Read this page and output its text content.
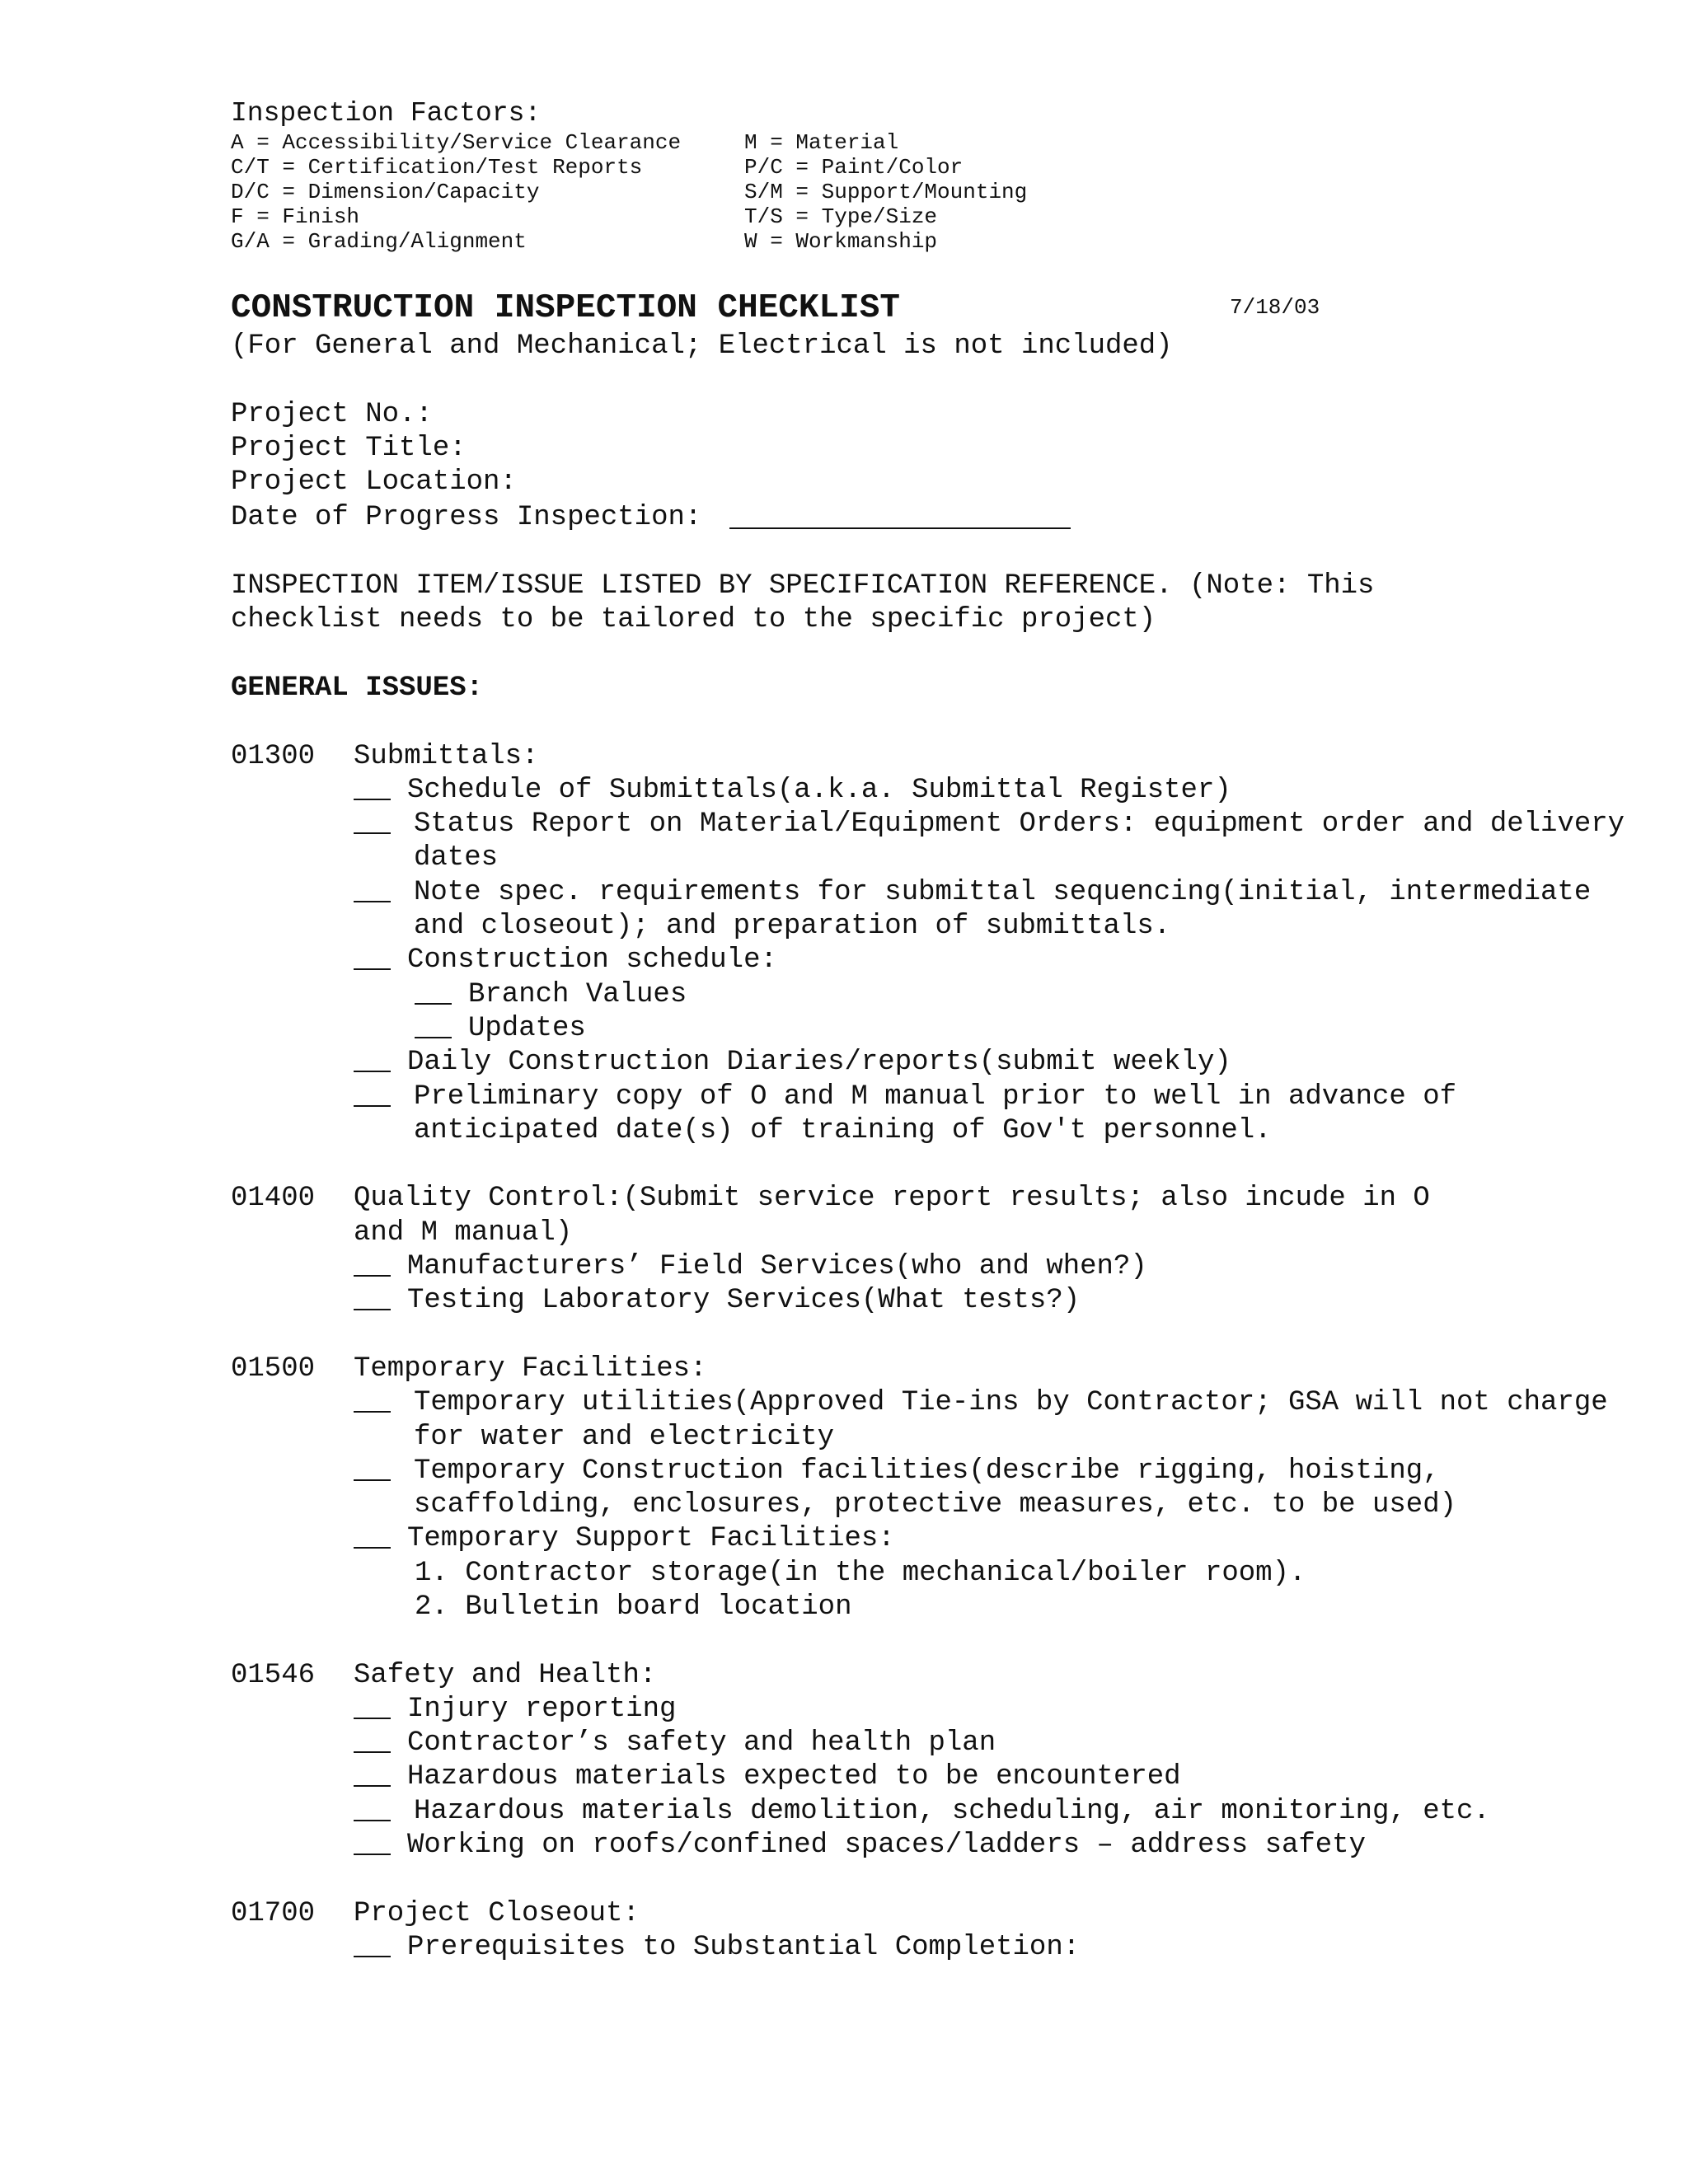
Inspection Factors:
A = Accessibility/Service Clearance	M = Material
C/T = Certification/Test Reports	P/C = Paint/Color
D/C = Dimension/Capacity	S/M = Support/Mounting
F = Finish	T/S = Type/Size
G/A = Grading/Alignment	W = Workmanship
CONSTRUCTION INSPECTION CHECKLIST	7/18/03
(For General and Mechanical; Electrical is not included)
Project No.:
Project Title:
Project Location:
Date of Progress Inspection:
INSPECTION ITEM/ISSUE LISTED BY SPECIFICATION REFERENCE. (Note: This
checklist needs to be tailored to the specific project)
GENERAL ISSUES:
01300	Submittals:
Schedule of Submittals(a.k.a. Submittal Register)
Status Report on Material/Equipment Orders: equipment order and delivery dates
Note spec. requirements for submittal sequencing(initial, intermediate and closeout); and preparation of submittals.
Construction schedule:
Branch Values
Updates
Daily Construction Diaries/reports(submit weekly)
Preliminary copy of O and M manual prior to well in advance of anticipated date(s) of training of Gov't personnel.
01400	Quality Control:(Submit service report results; also incude in O
and M manual)
Manufacturers’ Field Services(who and when?)
Testing Laboratory Services(What tests?)
01500	Temporary Facilities:
Temporary utilities(Approved Tie-ins by Contractor; GSA will not charge for water and electricity
Temporary Construction facilities(describe rigging, hoisting, scaffolding, enclosures, protective measures, etc. to be used)
Temporary Support Facilities:
1. Contractor storage(in the mechanical/boiler room).
2. Bulletin board location
01546	Safety and Health:
Injury reporting
Contractor’s safety and health plan
Hazardous materials expected to be encountered
Hazardous materials demolition, scheduling, air monitoring, etc.
Working on roofs/confined spaces/ladders – address safety
01700	Project Closeout:
Prerequisites to Substantial Completion:
